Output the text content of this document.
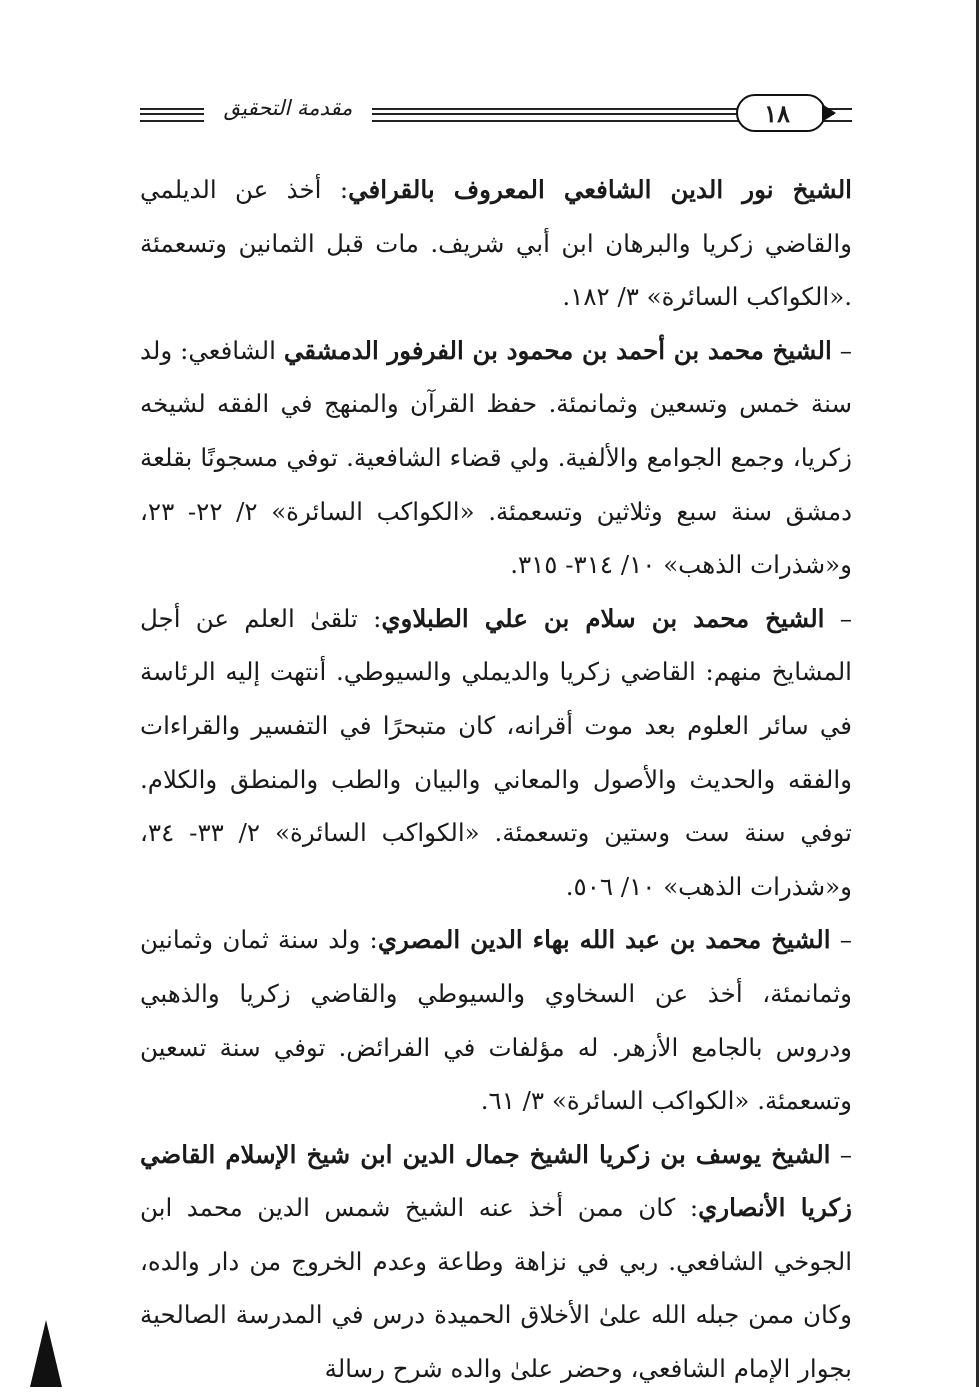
مقدمة التحقيق	١٨

الشيخ نور الدين الشافعي المعروف بالقرافي: أخذ عن الديلمي والقاضي زكريا والبرهان ابن أبي شريف. مات قبل الثمانين وتسعمئة .«الكواكب السائرة» ٣/ ١٨٢.

– الشيخ محمد بن أحمد بن محمود بن الفرفور الدمشقي الشافعي: ولد سنة خمس وتسعين وثمانمئة. حفظ القرآن والمنهج في الفقه لشيخه زكريا، وجمع الجوامع والألفية. ولي قضاء الشافعية. توفي مسجونًا بقلعة دمشق سنة سبع وثلاثين وتسعمئة. «الكواكب السائرة» ٢/ ٢٢- ٢٣، و«شذرات الذهب» ١٠/ ٣١٤- ٣١٥.

– الشيخ محمد بن سلام بن علي الطبلاوي: تلقىٰ العلم عن أجل المشايخ منهم: القاضي زكريا والديملي والسيوطي. أنتهت إليه الرئاسة في سائر العلوم بعد موت أقرانه، كان متبحرًا في التفسير والقراءات والفقه والحديث والأصول والمعاني والبيان والطب والمنطق والكلام. توفي سنة ست وستين وتسعمئة. «الكواكب السائرة» ٢/ ٣٣- ٣٤، و«شذرات الذهب» ١٠/ ٥٠٦.

– الشيخ محمد بن عبد الله بهاء الدين المصري: ولد سنة ثمان وثمانين وثمانمئة، أخذ عن السخاوي والسيوطي والقاضي زكريا والذهبي ودروس بالجامع الأزهر. له مؤلفات في الفرائض. توفي سنة تسعين وتسعمئة. «الكواكب السائرة» ٣/ ٦١.

– الشيخ يوسف بن زكريا الشيخ جمال الدين ابن شيخ الإسلام القاضي زكريا الأنصاري: كان ممن أخذ عنه الشيخ شمس الدين محمد ابن الجوخي الشافعي. ربي في نزاهة وطاعة وعدم الخروج من دار والده، وكان ممن جبله الله علىٰ الأخلاق الحميدة درس في المدرسة الصالحية بجوار الإمام الشافعي، وحضر علىٰ والده شرح رسالة
